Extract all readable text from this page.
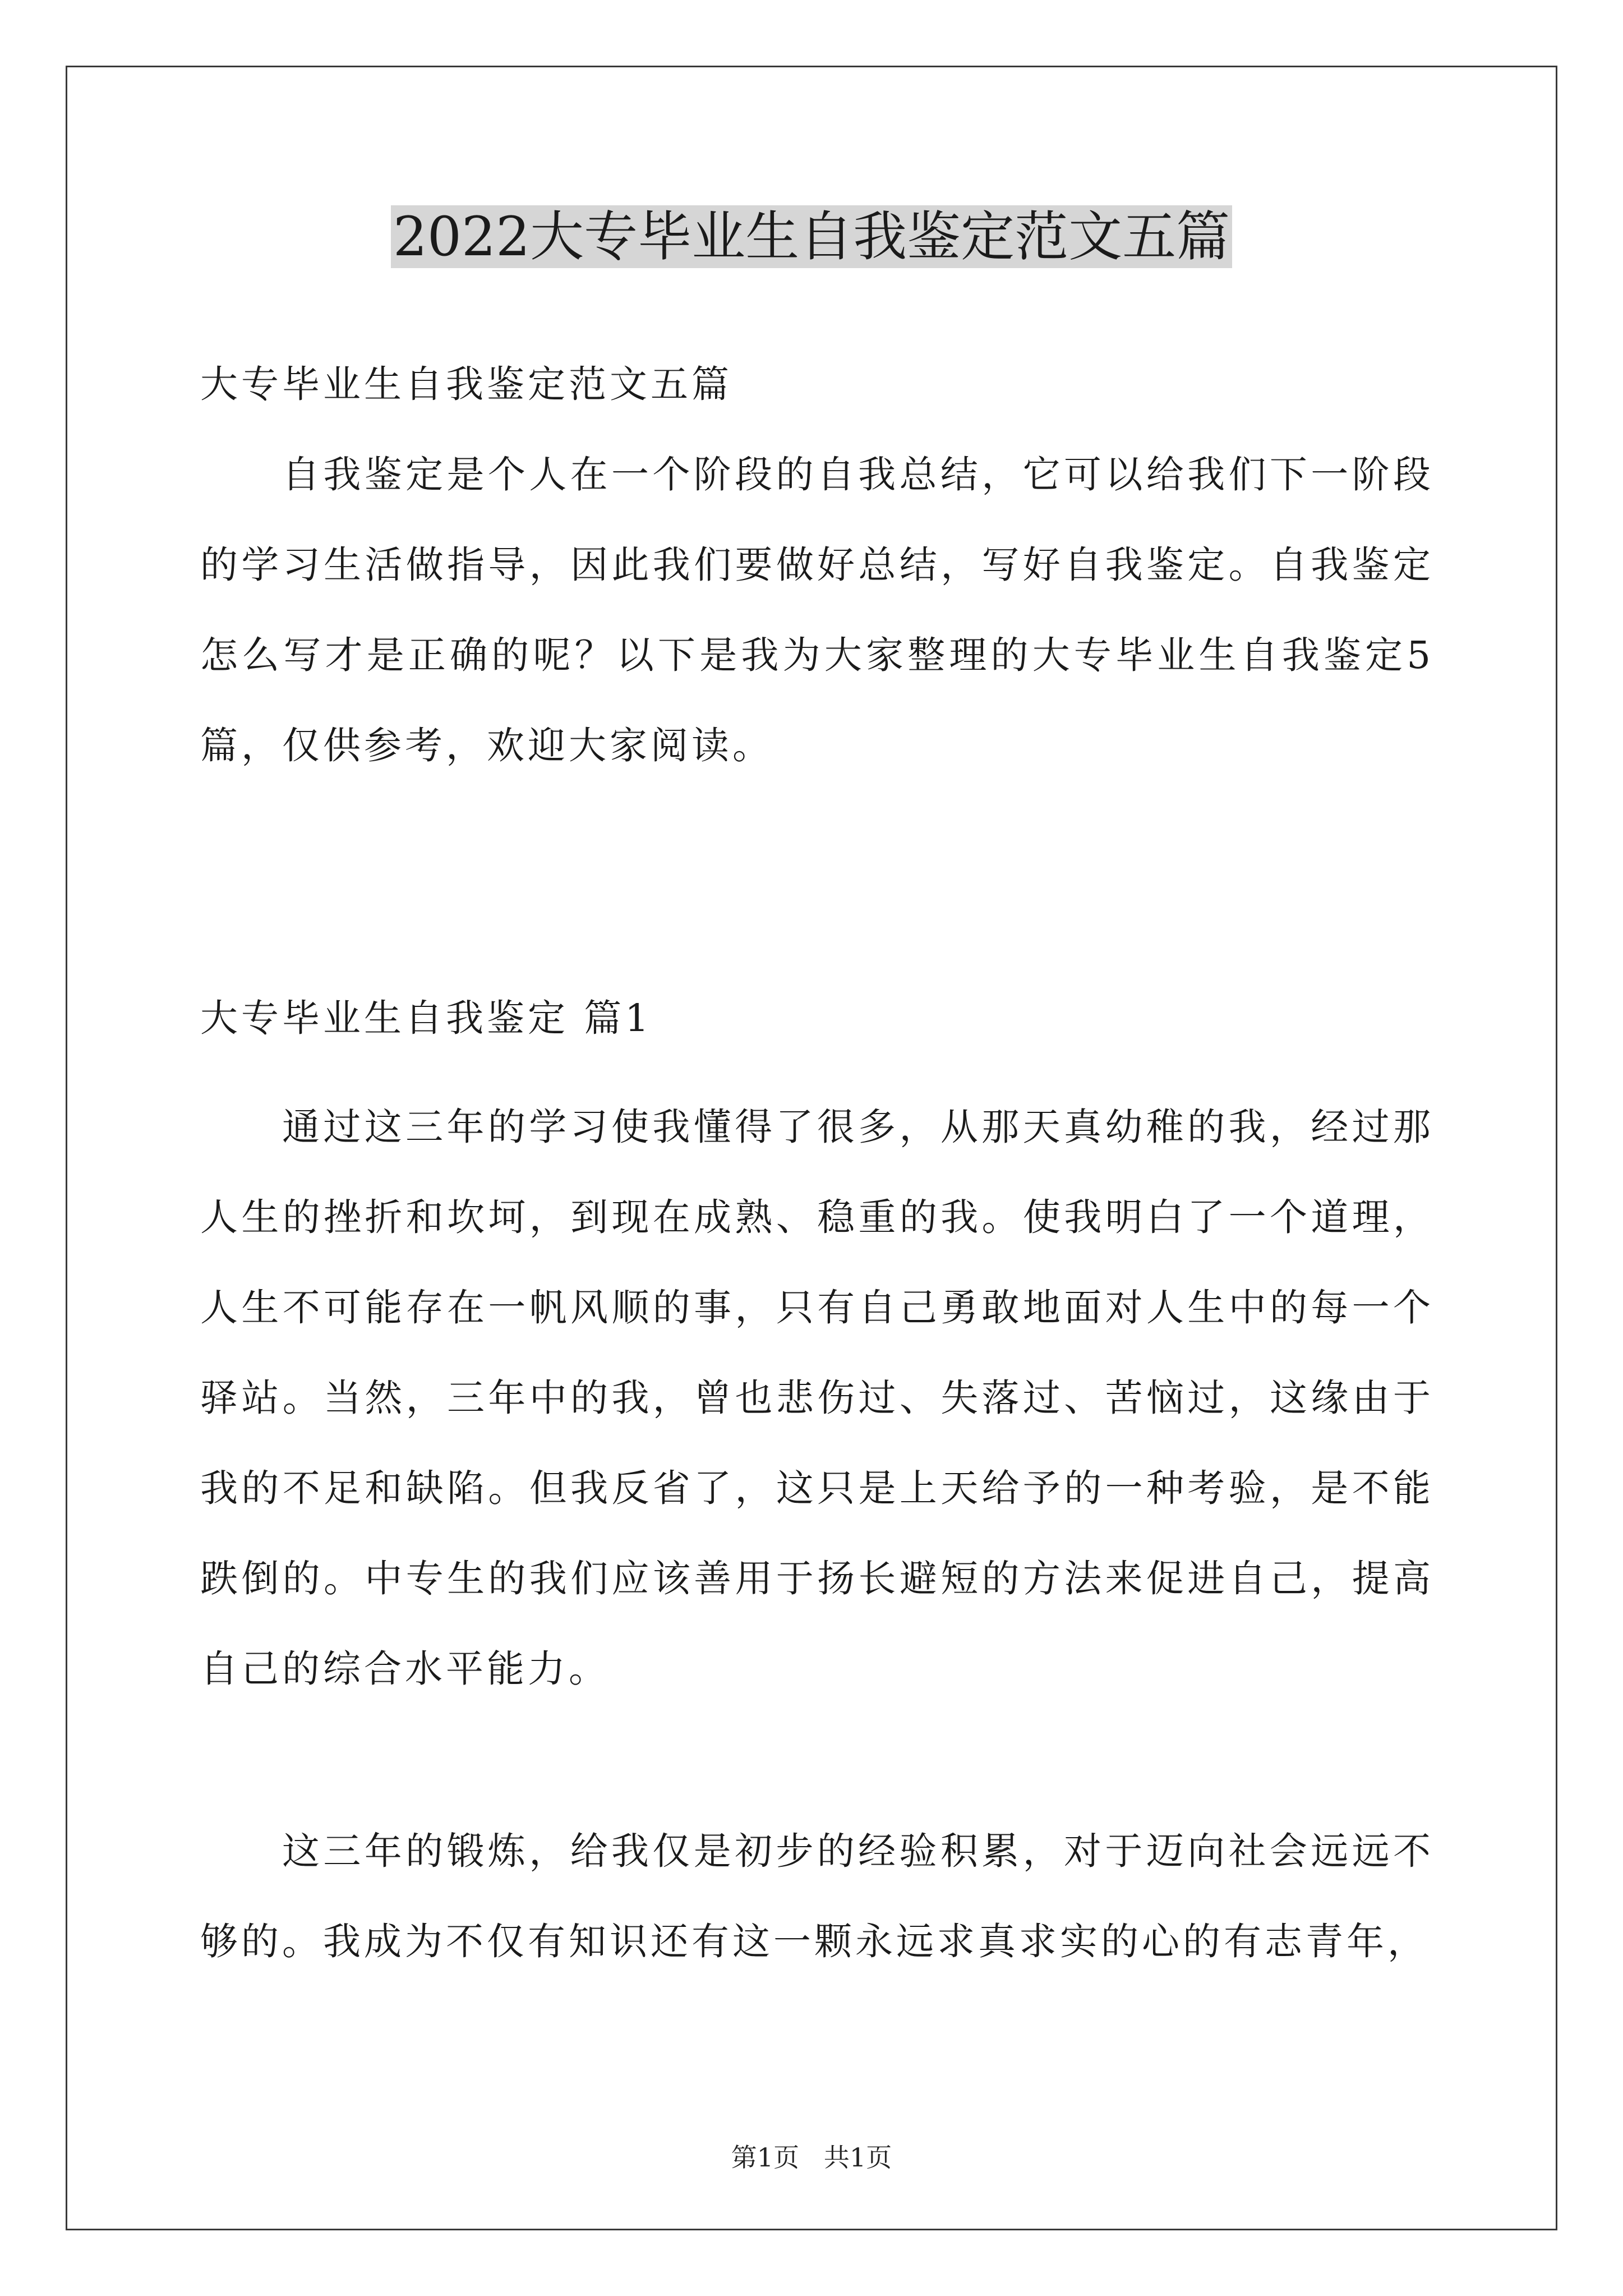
2022大专毕业生自我鉴定范文五篇

大专毕业生自我鉴定范文五篇

自我鉴定是个人在一个阶段的自我总结，它可以给我们下一阶段的学习生活做指导，因此我们要做好总结，写好自我鉴定。自我鉴定怎么写才是正确的呢？以下是我为大家整理的大专毕业生自我鉴定5篇，仅供参考，欢迎大家阅读。

大专毕业生自我鉴定 篇1

通过这三年的学习使我懂得了很多，从那天真幼稚的我，经过那人生的挫折和坎坷，到现在成熟、稳重的我。使我明白了一个道理，人生不可能存在一帆风顺的事，只有自己勇敢地面对人生中的每一个驿站。当然，三年中的我，曾也悲伤过、失落过、苦恼过，这缘由于我的不足和缺陷。但我反省了，这只是上天给予的一种考验，是不能跌倒的。中专生的我们应该善用于扬长避短的方法来促进自己，提高自己的综合水平能力。

这三年的锻炼，给我仅是初步的经验积累，对于迈向社会远远不够的。我成为不仅有知识还有这一颗永远求真求实的心的有志青年，

第1页   共1页
